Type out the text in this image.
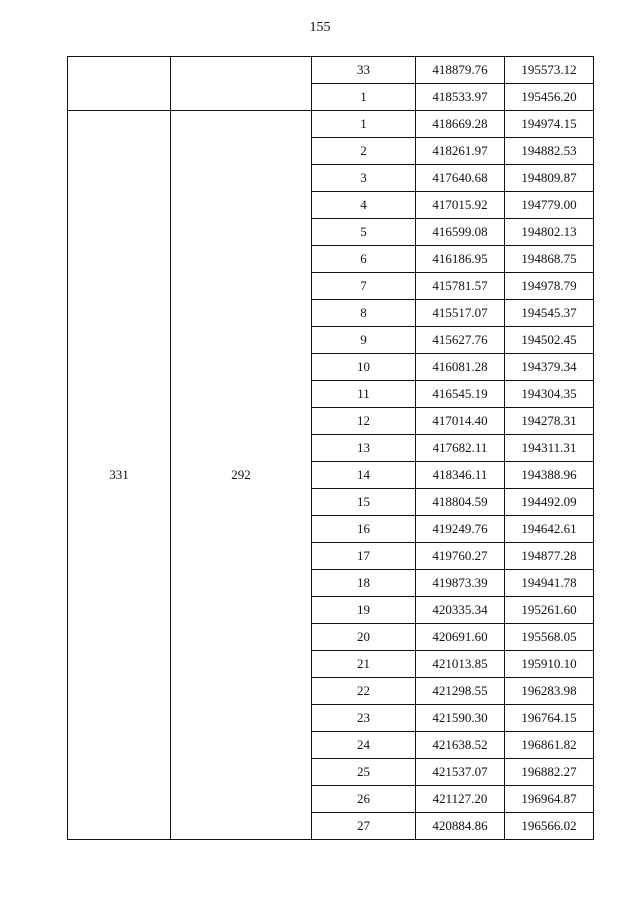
155
		33	418879.76	195573.12
		1	418533.97	195456.20
331	292	1	418669.28	194974.15
		2	418261.97	194882.53
		3	417640.68	194809.87
		4	417015.92	194779.00
		5	416599.08	194802.13
		6	416186.95	194868.75
		7	415781.57	194978.79
		8	415517.07	194545.37
		9	415627.76	194502.45
		10	416081.28	194379.34
		11	416545.19	194304.35
		12	417014.40	194278.31
		13	417682.11	194311.31
		14	418346.11	194388.96
		15	418804.59	194492.09
		16	419249.76	194642.61
		17	419760.27	194877.28
		18	419873.39	194941.78
		19	420335.34	195261.60
		20	420691.60	195568.05
		21	421013.85	195910.10
		22	421298.55	196283.98
		23	421590.30	196764.15
		24	421638.52	196861.82
		25	421537.07	196882.27
		26	421127.20	196964.87
		27	420884.86	196566.02
